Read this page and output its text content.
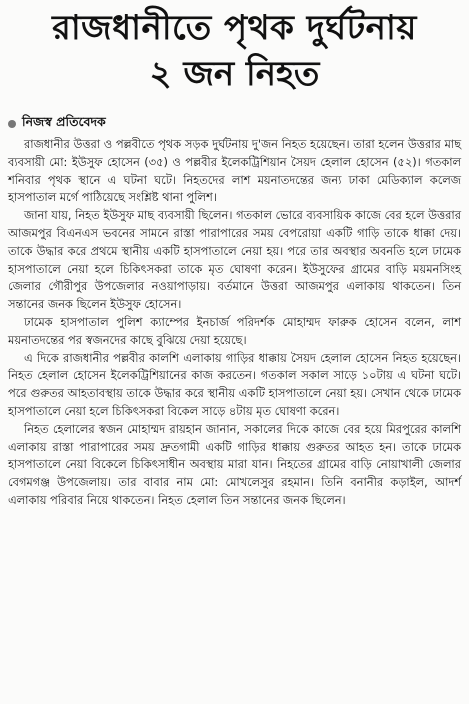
রাজধানীতে পৃথক দুর্ঘটনায়
২ জন নিহত
নিজস্ব প্রতিবেদক

রাজধানীর উত্তরা ও পল্লবীতে পৃথক সড়ক দুর্ঘটনায় দু'জন নিহত হয়েছেন। তারা হলেন উত্তরার মাছ ব্যবসায়ী মো: ইউসুফ হোসেন (৩৫) ও পল্লবীর ইলেকট্রিশিয়ান সৈয়দ হেলাল হোসেন (৫২)। গতকাল শনিবার পৃথক স্থানে এ ঘটনা ঘটে। নিহতদের লাশ ময়নাতদন্তের জন্য ঢাকা মেডিক্যাল কলেজ হাসপাতাল মর্গে পাঠিয়েছে সংশ্লিষ্ট থানা পুলিশ।

জানা যায়, নিহত ইউসুফ মাছ ব্যবসায়ী ছিলেন। গতকাল ভোরে ব্যবসায়িক কাজে বের হলে উত্তরার আজমপুর বিএনএস ভবনের সামনে রাস্তা পারাপারের সময় বেপরোয়া একটি গাড়ি তাকে ধাক্কা দেয়। তাকে উদ্ধার করে প্রথমে স্থানীয় একটি হাসপাতালে নেয়া হয়। পরে তার অবস্থার অবনতি হলে ঢামেক হাসপাতালে নেয়া হলে চিকিৎসকরা তাকে মৃত ঘোষণা করেন। ইউসুফের গ্রামের বাড়ি ময়মনসিংহ জেলার গৌরীপুর উপজেলার নওয়াপাড়ায়। বর্তমানে উত্তরা আজমপুর এলাকায় থাকতেন। তিন সন্তানের জনক ছিলেন ইউসুফ হোসেন।

ঢামেক হাসপাতাল পুলিশ ক্যাম্পের ইনচার্জ পরিদর্শক মোহাম্মদ ফারুক হোসেন বলেন, লাশ ময়নাতদন্তের পর স্বজনদের কাছে বুঝিয়ে দেয়া হয়েছে।

এ দিকে রাজধানীর পল্লবীর কালশি এলাকায় গাড়ির ধাক্কায় সৈয়দ হেলাল হোসেন নিহত হয়েছেন। নিহত হেলাল হোসেন ইলেকট্রিশিয়ানের কাজ করতেন। গতকাল সকাল সাড়ে ১০টায় এ ঘটনা ঘটে। পরে গুরুতর আহতাবস্থায় তাকে উদ্ধার করে স্থানীয় একটি হাসপাতালে নেয়া হয়। সেখান থেকে ঢামেক হাসপাতালে নেয়া হলে চিকিৎসকরা বিকেল সাড়ে ৪টায় মৃত ঘোষণা করেন।

নিহত হেলালের স্বজন মোহাম্মদ রায়হান জানান, সকালের দিকে কাজে বের হয়ে মিরপুরের কালশি এলাকায় রাস্তা পারাপারের সময় দ্রুতগামী একটি গাড়ির ধাক্কায় গুরুতর আহত হন। তাকে ঢামেক হাসপাতালে নেয়া বিকেলে চিকিৎসাধীন অবস্থায় মারা যান। নিহতের গ্রামের বাড়ি নোয়াখালী জেলার বেগমগঞ্জ উপজেলায়। তার বাবার নাম মো: মোখলেসুর রহমান। তিনি বনানীর কড়াইল, আদর্শ এলাকায় পরিবার নিয়ে থাকতেন। নিহত হেলাল তিন সন্তানের জনক ছিলেন।
